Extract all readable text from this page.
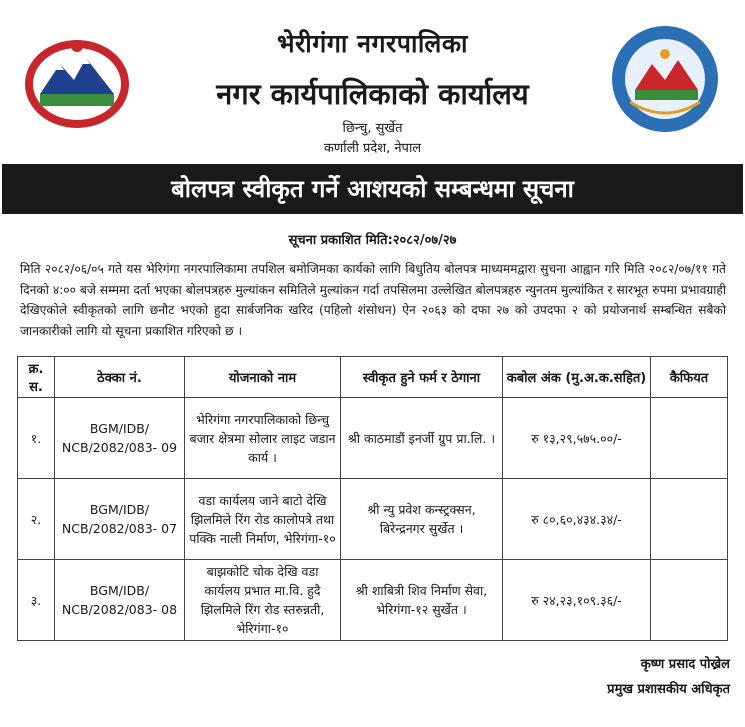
भेरीगंगा नगरपालिका
नगर कार्यपालिकाको कार्यालय
छिन्चु, सुर्खेत
कर्णाली प्रदेश, नेपाल
बोलपत्र स्वीकृत गर्ने आशयको सम्बन्धमा सूचना
सूचना प्रकाशित मिति:२०८२/०७/२७

मिति २०८२/०६/०५ गते यस भेरिगंगा नगरपालिकामा तपशिल बमोजिमका कार्यको लागि बिधुतिय बोलपत्र माध्यममद्वारा सुचना आह्वान गरि मिति २०८२/०७/११ गते दिनको ४:०० बजे सम्ममा दर्ता भएका बोलपत्रहरु मुल्यांकन समितिले मुल्यांकन गर्दा तपसिलमा उल्लेखित बोलपत्रहरु न्युनतम मुल्यांकित र सारभूत रुपमा प्रभावग्राही देखिएकोले स्वीकृतको लागि छनौट भएको हुदा सार्बजनिक खरिद (पहिलो शंसोधन) ऐन २०६३ को दफा २७ को उपदफा २ को प्रयोजनार्थ सम्बन्धित सबैको जानकारीको लागि यो सूचना प्रकाशित गरिएको छ ।

क्र. स.	ठेक्का नं.	योजनाको नाम	स्वीकृत हुने फर्म र ठेगाना	कबोल अंक (मु.अ.क.सहित)	कैफियत
१.	BGM/IDB/ NCB/2082/083- 09	भेरिगंगा नगरपालिकाको छिन्चु बजार क्षेत्रमा सोलार लाइट जडान कार्य ।	श्री काठमाडौं इनर्जी ग्रुप प्रा.लि. ।	रु १३,२९,५७५.००/-	
२.	BGM/IDB/ NCB/2082/083- 07	वडा कार्यलय जाने बाटो देखि झिलमिले रिंग रोड कालोपत्रे तथा पक्कि नाली निर्माण, भेरिगंगा-१०	श्री न्यु प्रवेश कन्स्ट्रक्सन, बिरेन्द्रनगर सुर्खेत ।	रु ८०,६०,४३४.३४/-	
३.	BGM/IDB/ NCB/2082/083- 08	बाझकोटि चोक देखि वडा कार्यलय प्रभात मा.वि. हुदै झिलमिले रिंग रोड स्तरुन्नती, भेरिगंगा-१०	श्री शाबित्री शिव निर्माण सेवा, भेरिगंगा-१२ सुर्खेत ।	रु २४,२३,१०९.३६/-	
कृष्ण प्रसाद पोख्रेल
प्रमुख प्रशासकीय अधिकृत
